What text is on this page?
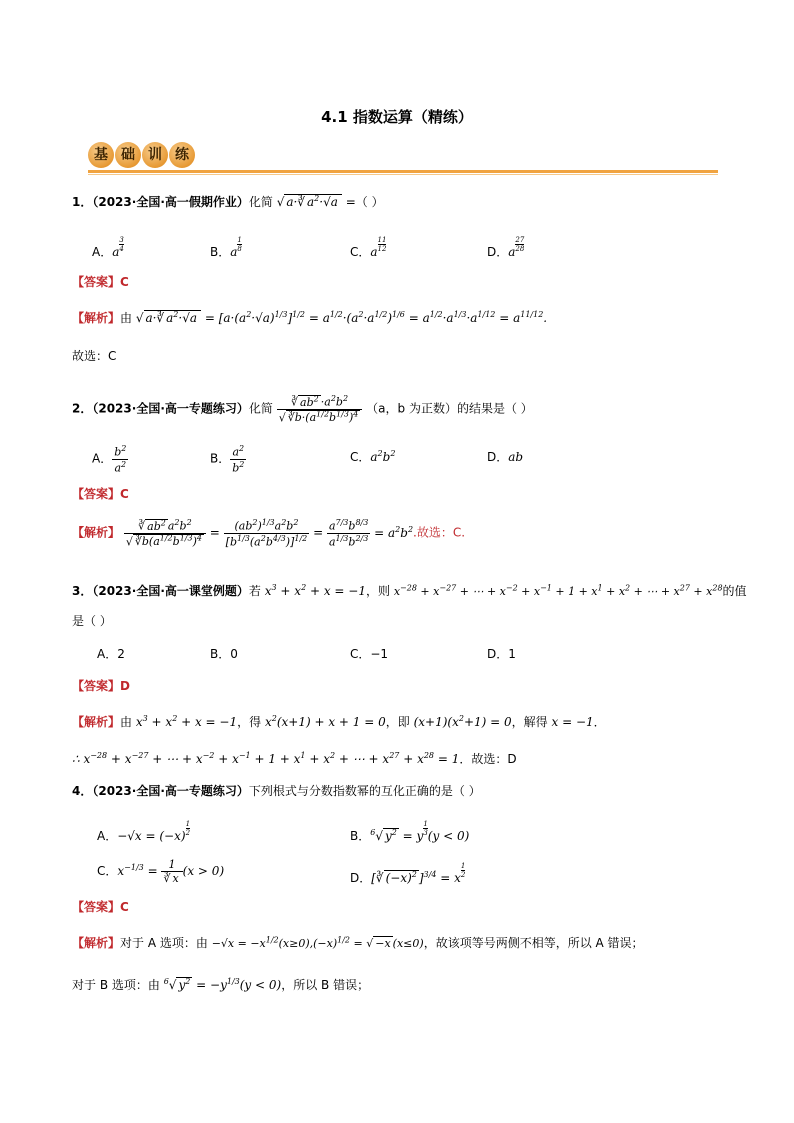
4.1 指数运算（精练）
基 础 训 练
1．（2023·全国·高一假期作业）化简 √ a·∛ $a^2\cdot√a$ =（ ）
A．a $\frac{3}{4}$	B．a $\frac{1}{8}$	C．a $\frac{11}{12}$	D．a $\frac{27}{28}$
【答案】C
【解析】由 √ a·∛ $a^2\cdot√a = [a\cdot(a^2\cdot√a)^{1/3}]^{1/2} = a^{1/2}\cdot(a^2\cdot a^{1/2})^{1/6} = a^{1/2}\cdot a^{1/3}\cdot a^{1/12} = a^{11/12}$.
故选：C
2．（2023·全国·高一专题练习）化简 $\frac{∛ ab^2 \cdot a^2b^2}{√ ∛b\cdot(a^{1/2}b^{1/3})^4} (a$，b 为正数）的结果是（ ）
A． $\frac{b^2}{a^2}$	B． $\frac{a^2}{b^2}$	C．$a^2b^2$	D．ab
【答案】C
【解析】 $\frac{∛ ab^2 a^2b^2}{√ ∛b(a^{1/2}b^{1/3})^4} = \frac{(ab^2)^{1/3}a^2b^2}{[b^{1/3}(a^2b^{4/3})]^{1/2}} = \frac{a^{7/3}b^{8/3}}{a^{1/3}b^{2/3}} = a^2b^2$.故选：C.
3．（2023·全国·高一课堂例题）若 $x^3 + x^2 + x = -1$，则 $x^{-28} + x^{-27}$ + ⋯ + $x^{-2} + x^{-1} + 1 + x^1 + x^2$ + ⋯ + $x^{27} + x^{28}$的值
是（ ）
A．2	B．0	C．−1	D．1
【答案】D
【解析】由 $x^3 + x^2 + x = -1$，得 $x^2(x+1) + x + 1 = 0$，即 $(x+1)(x^2+1) = 0$，解得 x = −1．
∴ $x^{-28} + x^{-27}$ + ⋯ + $x^{-2} + x^{-1} + 1 + x^1 + x^2$ + ⋯ + $x^{27} + x^{28} = 1$．故选：D
4．（2023·全国·高一专题练习）下列根式与分数指数幂的互化正确的是（ ）
A．$-√x = (-x) \frac{1}{2}$	B．$^6$√ $y^2 = y \frac{1}{3}(y < 0)$
C．$x^{-1/3} = \frac{1}{∛ x} (x > 0)$	D．[∛ $(-x)^2$ ]$^{3/4}$ = x $\frac{1}{2}$
【答案】C
【解析】对于 A 选项：由 $-√x = -x^{1/2}(x\ge 0),(-x)^{1/2}$ = √ −x (x≤0)，故该项等号两侧不相等，所以 A 错误；
对于 B 选项：由 $^6$√ $y^2 = -y^{1/3}(y < 0)$，所以 B 错误；
